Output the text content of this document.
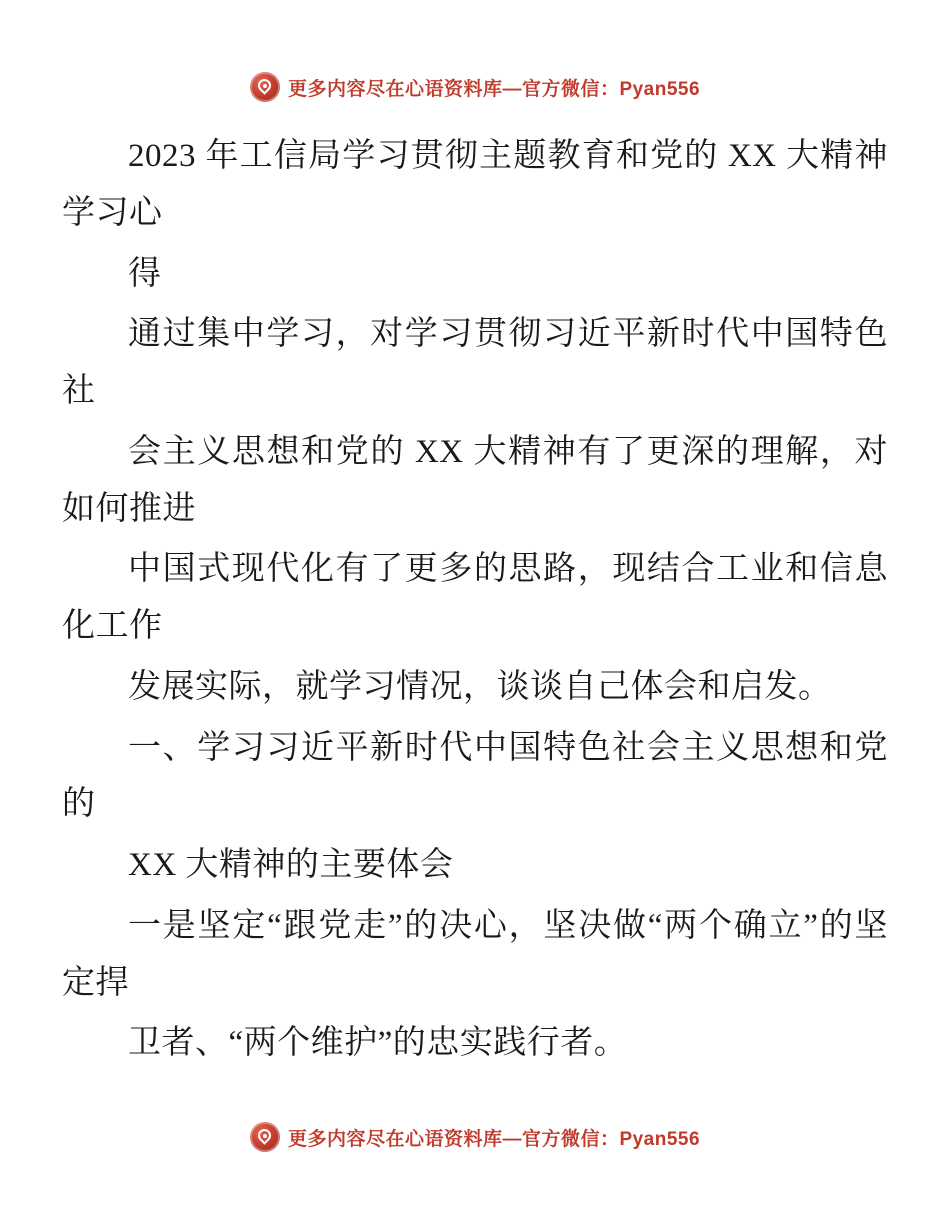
更多内容尽在心语资料库—官方微信：Pyan556

2023 年工信局学习贯彻主题教育和党的 XX 大精神学习心

得

通过集中学习，对学习贯彻习近平新时代中国特色社

会主义思想和党的 XX 大精神有了更深的理解，对如何推进

中国式现代化有了更多的思路，现结合工业和信息化工作

发展实际，就学习情况，谈谈自己体会和启发。

一、学习习近平新时代中国特色社会主义思想和党的

XX 大精神的主要体会

一是坚定“跟党走”的决心，坚决做“两个确立”的坚定捍

卫者、“两个维护”的忠实践行者。

更多内容尽在心语资料库—官方微信：Pyan556
